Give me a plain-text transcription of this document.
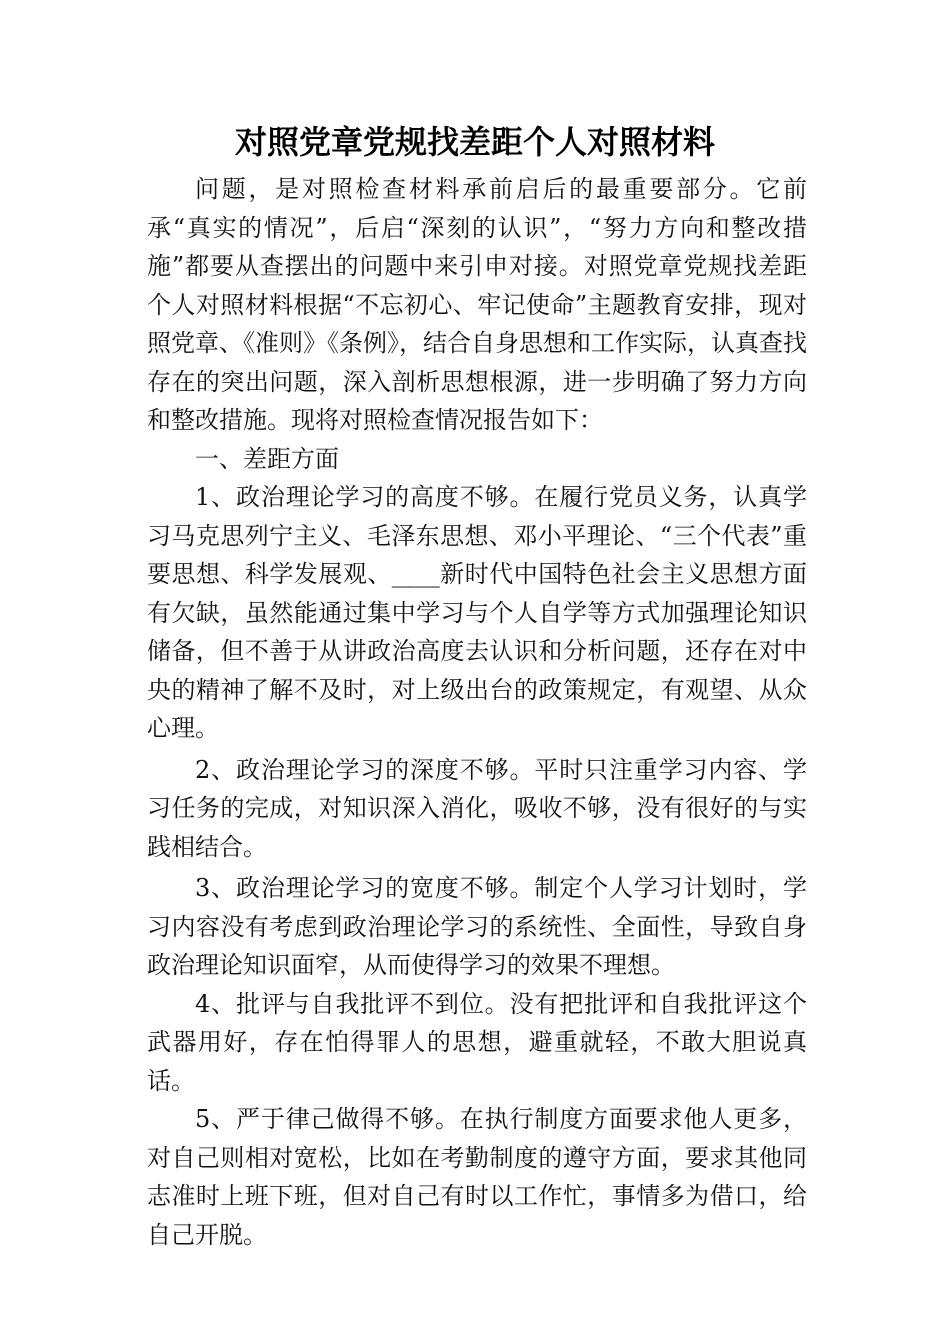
对照党章党规找差距个人对照材料

问题，是对照检查材料承前启后的最重要部分。它前承“真实的情况”，后启“深刻的认识”，“努力方向和整改措施”都要从查摆出的问题中来引申对接。对照党章党规找差距个人对照材料根据“不忘初心、牢记使命”主题教育安排，现对照党章、《准则》《条例》，结合自身思想和工作实际，认真查找存在的突出问题，深入剖析思想根源，进一步明确了努力方向和整改措施。现将对照检查情况报告如下：

一、差距方面

1、政治理论学习的高度不够。在履行党员义务，认真学习马克思列宁主义、毛泽东思想、邓小平理论、“三个代表”重要思想、科学发展观、____新时代中国特色社会主义思想方面有欠缺，虽然能通过集中学习与个人自学等方式加强理论知识储备，但不善于从讲政治高度去认识和分析问题，还存在对中央的精神了解不及时，对上级出台的政策规定，有观望、从众心理。

2、政治理论学习的深度不够。平时只注重学习内容、学习任务的完成，对知识深入消化，吸收不够，没有很好的与实践相结合。

3、政治理论学习的宽度不够。制定个人学习计划时，学习内容没有考虑到政治理论学习的系统性、全面性，导致自身政治理论知识面窄，从而使得学习的效果不理想。

4、批评与自我批评不到位。没有把批评和自我批评这个武器用好，存在怕得罪人的思想，避重就轻，不敢大胆说真话。

5、严于律己做得不够。在执行制度方面要求他人更多，对自己则相对宽松，比如在考勤制度的遵守方面，要求其他同志准时上班下班，但对自己有时以工作忙，事情多为借口，给自己开脱。
